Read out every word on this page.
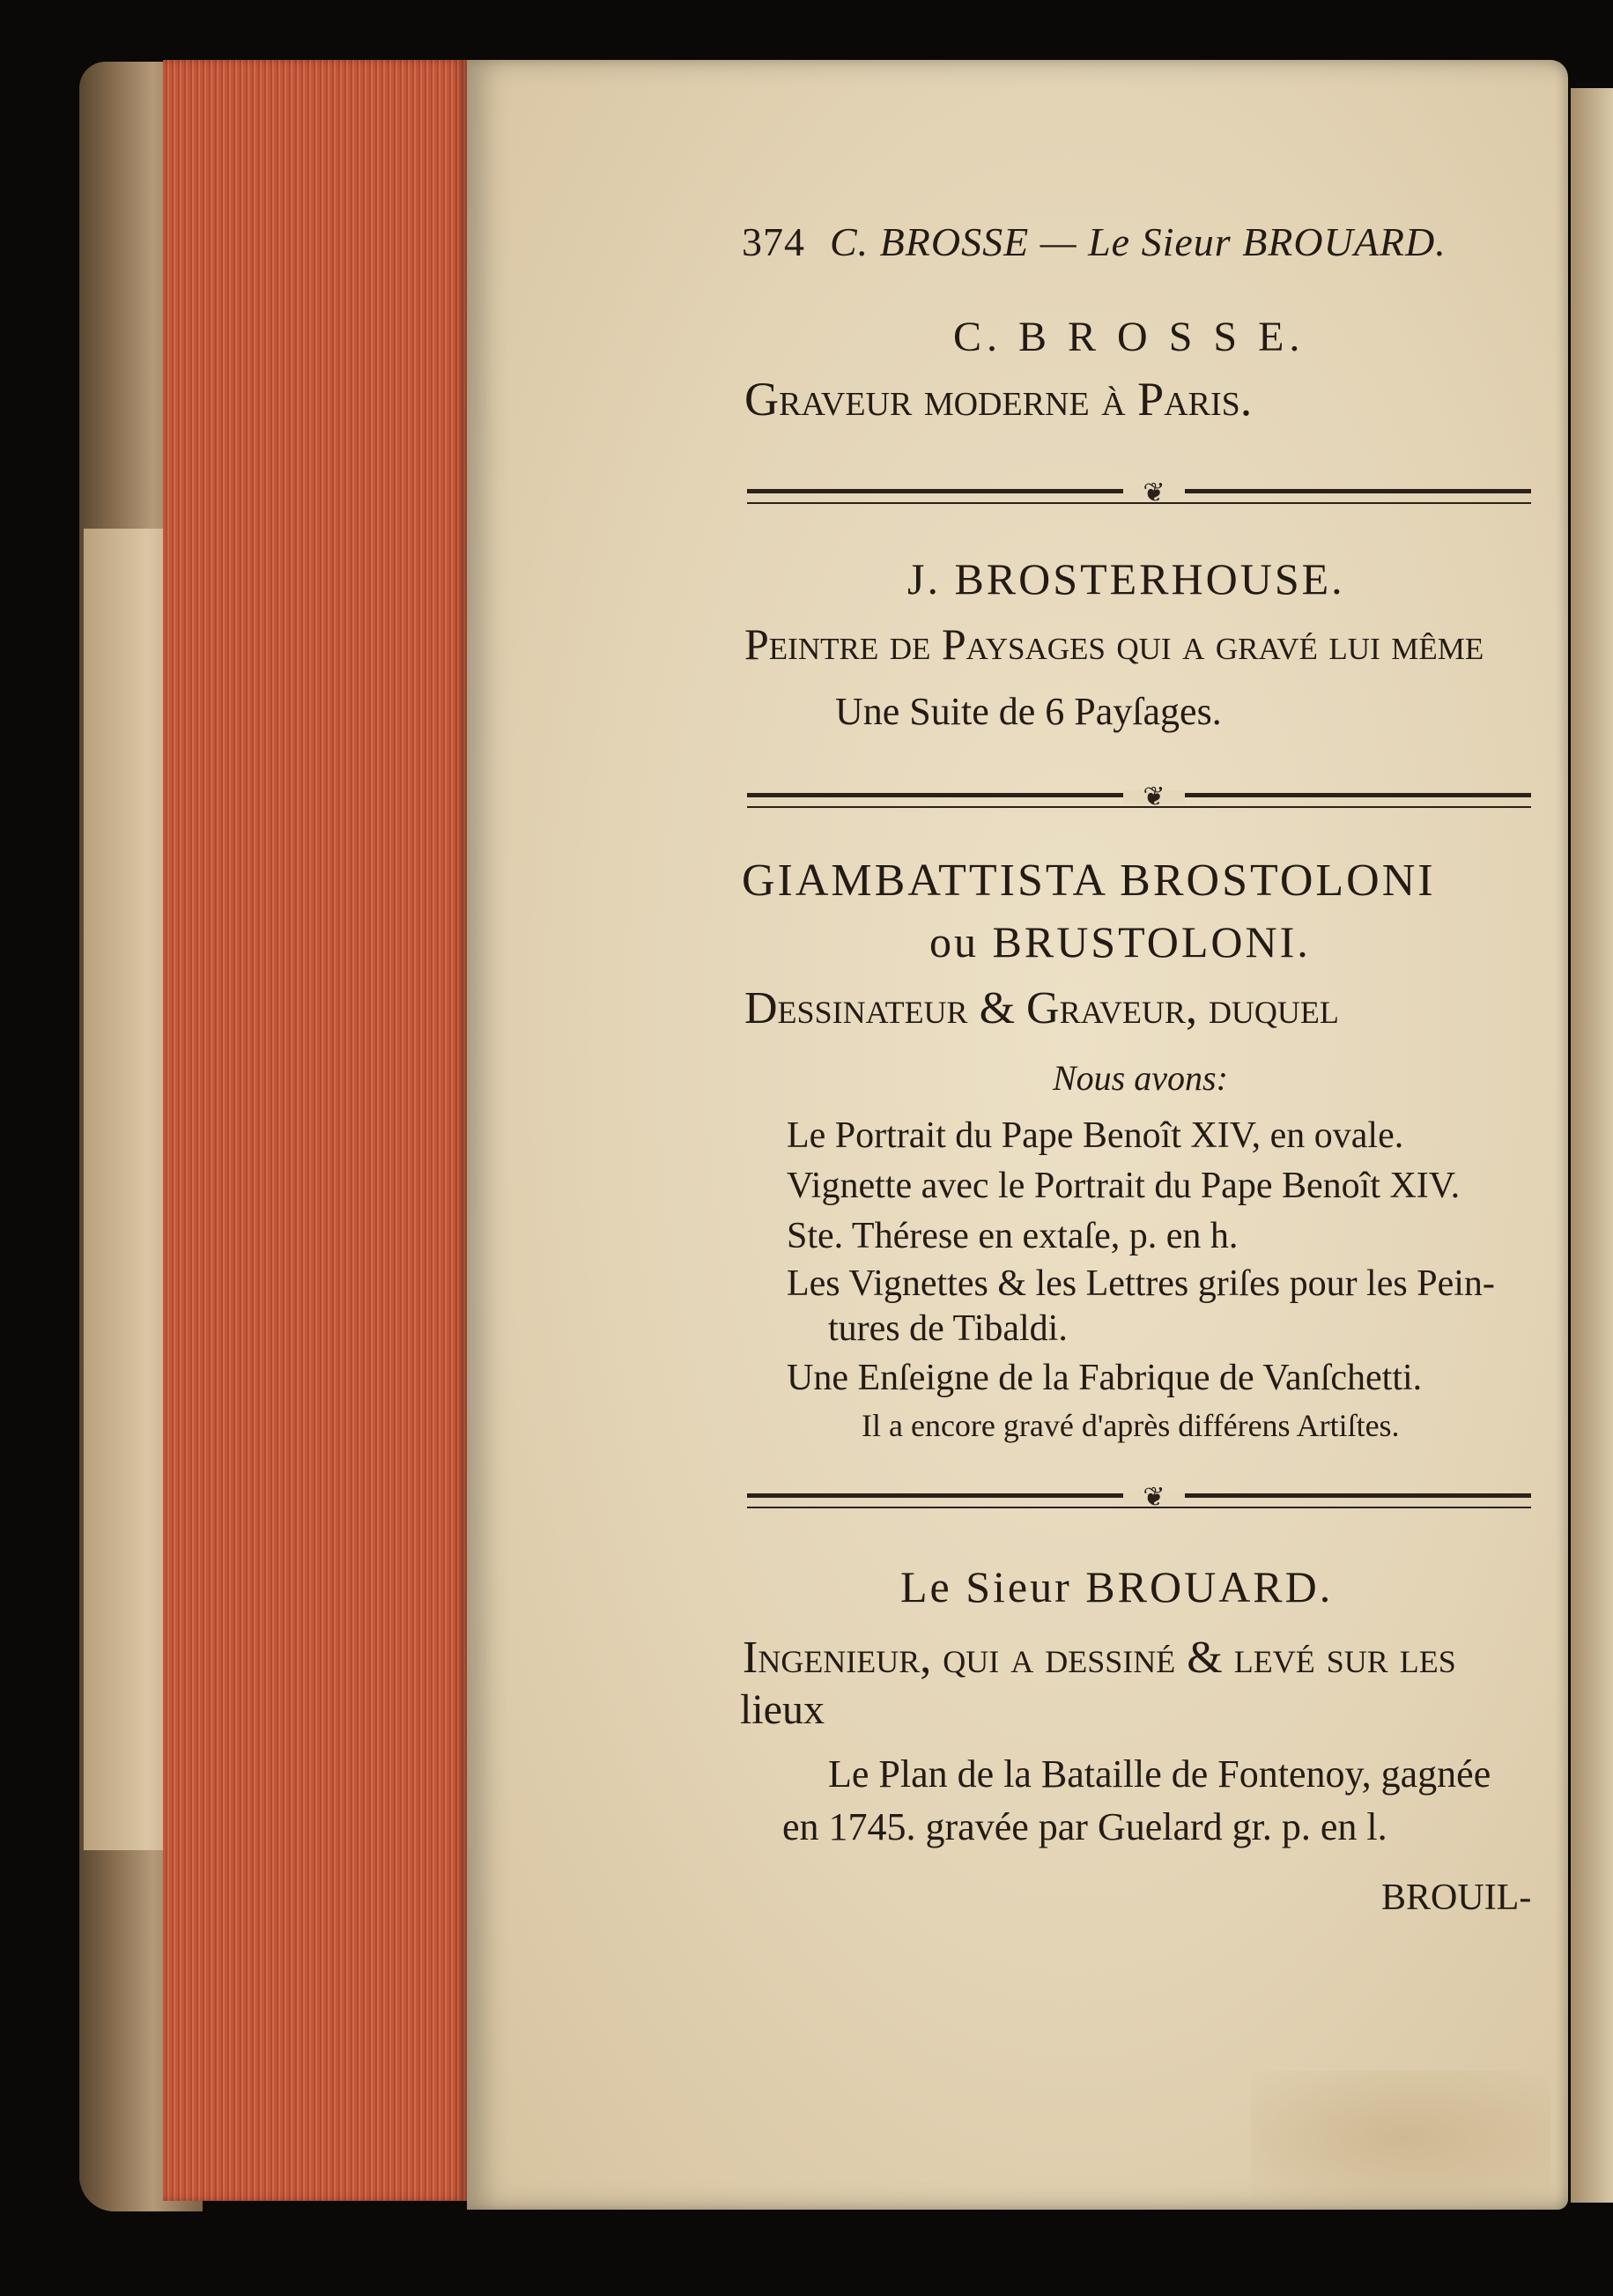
374 C. BROSSE — Le Sieur BROUARD.
C. B R O S S E.
Graveur moderne à Paris.
❦
J. BROSTERHOUSE.
Peintre de Payſages qui a gravé lui même
Une Suite de 6 Payſages.
❦
GIAMBATTISTA BROSTOLONI
ou BRUSTOLONI.
Dessinateur & Graveur, duquel
Nous avons:
Le Portrait du Pape Benoît XIV, en ovale.
Vignette avec le Portrait du Pape Benoît XIV.
Ste. Thérese en extaſe, p. en h.
Les Vignettes & les Lettres griſes pour les Pein-
tures de Tibaldi.
Une Enſeigne de la Fabrique de Vanſchetti.
Il a encore gravé d'après différens Artiſtes.
❦
Le Sieur BROUARD.
Ingenieur, qui a deſſiné & levé ſur les
lieux
Le Plan de la Bataille de Fontenoy, gagnée
en 1745. gravée par Guelard gr. p. en l.
BROUIL-
